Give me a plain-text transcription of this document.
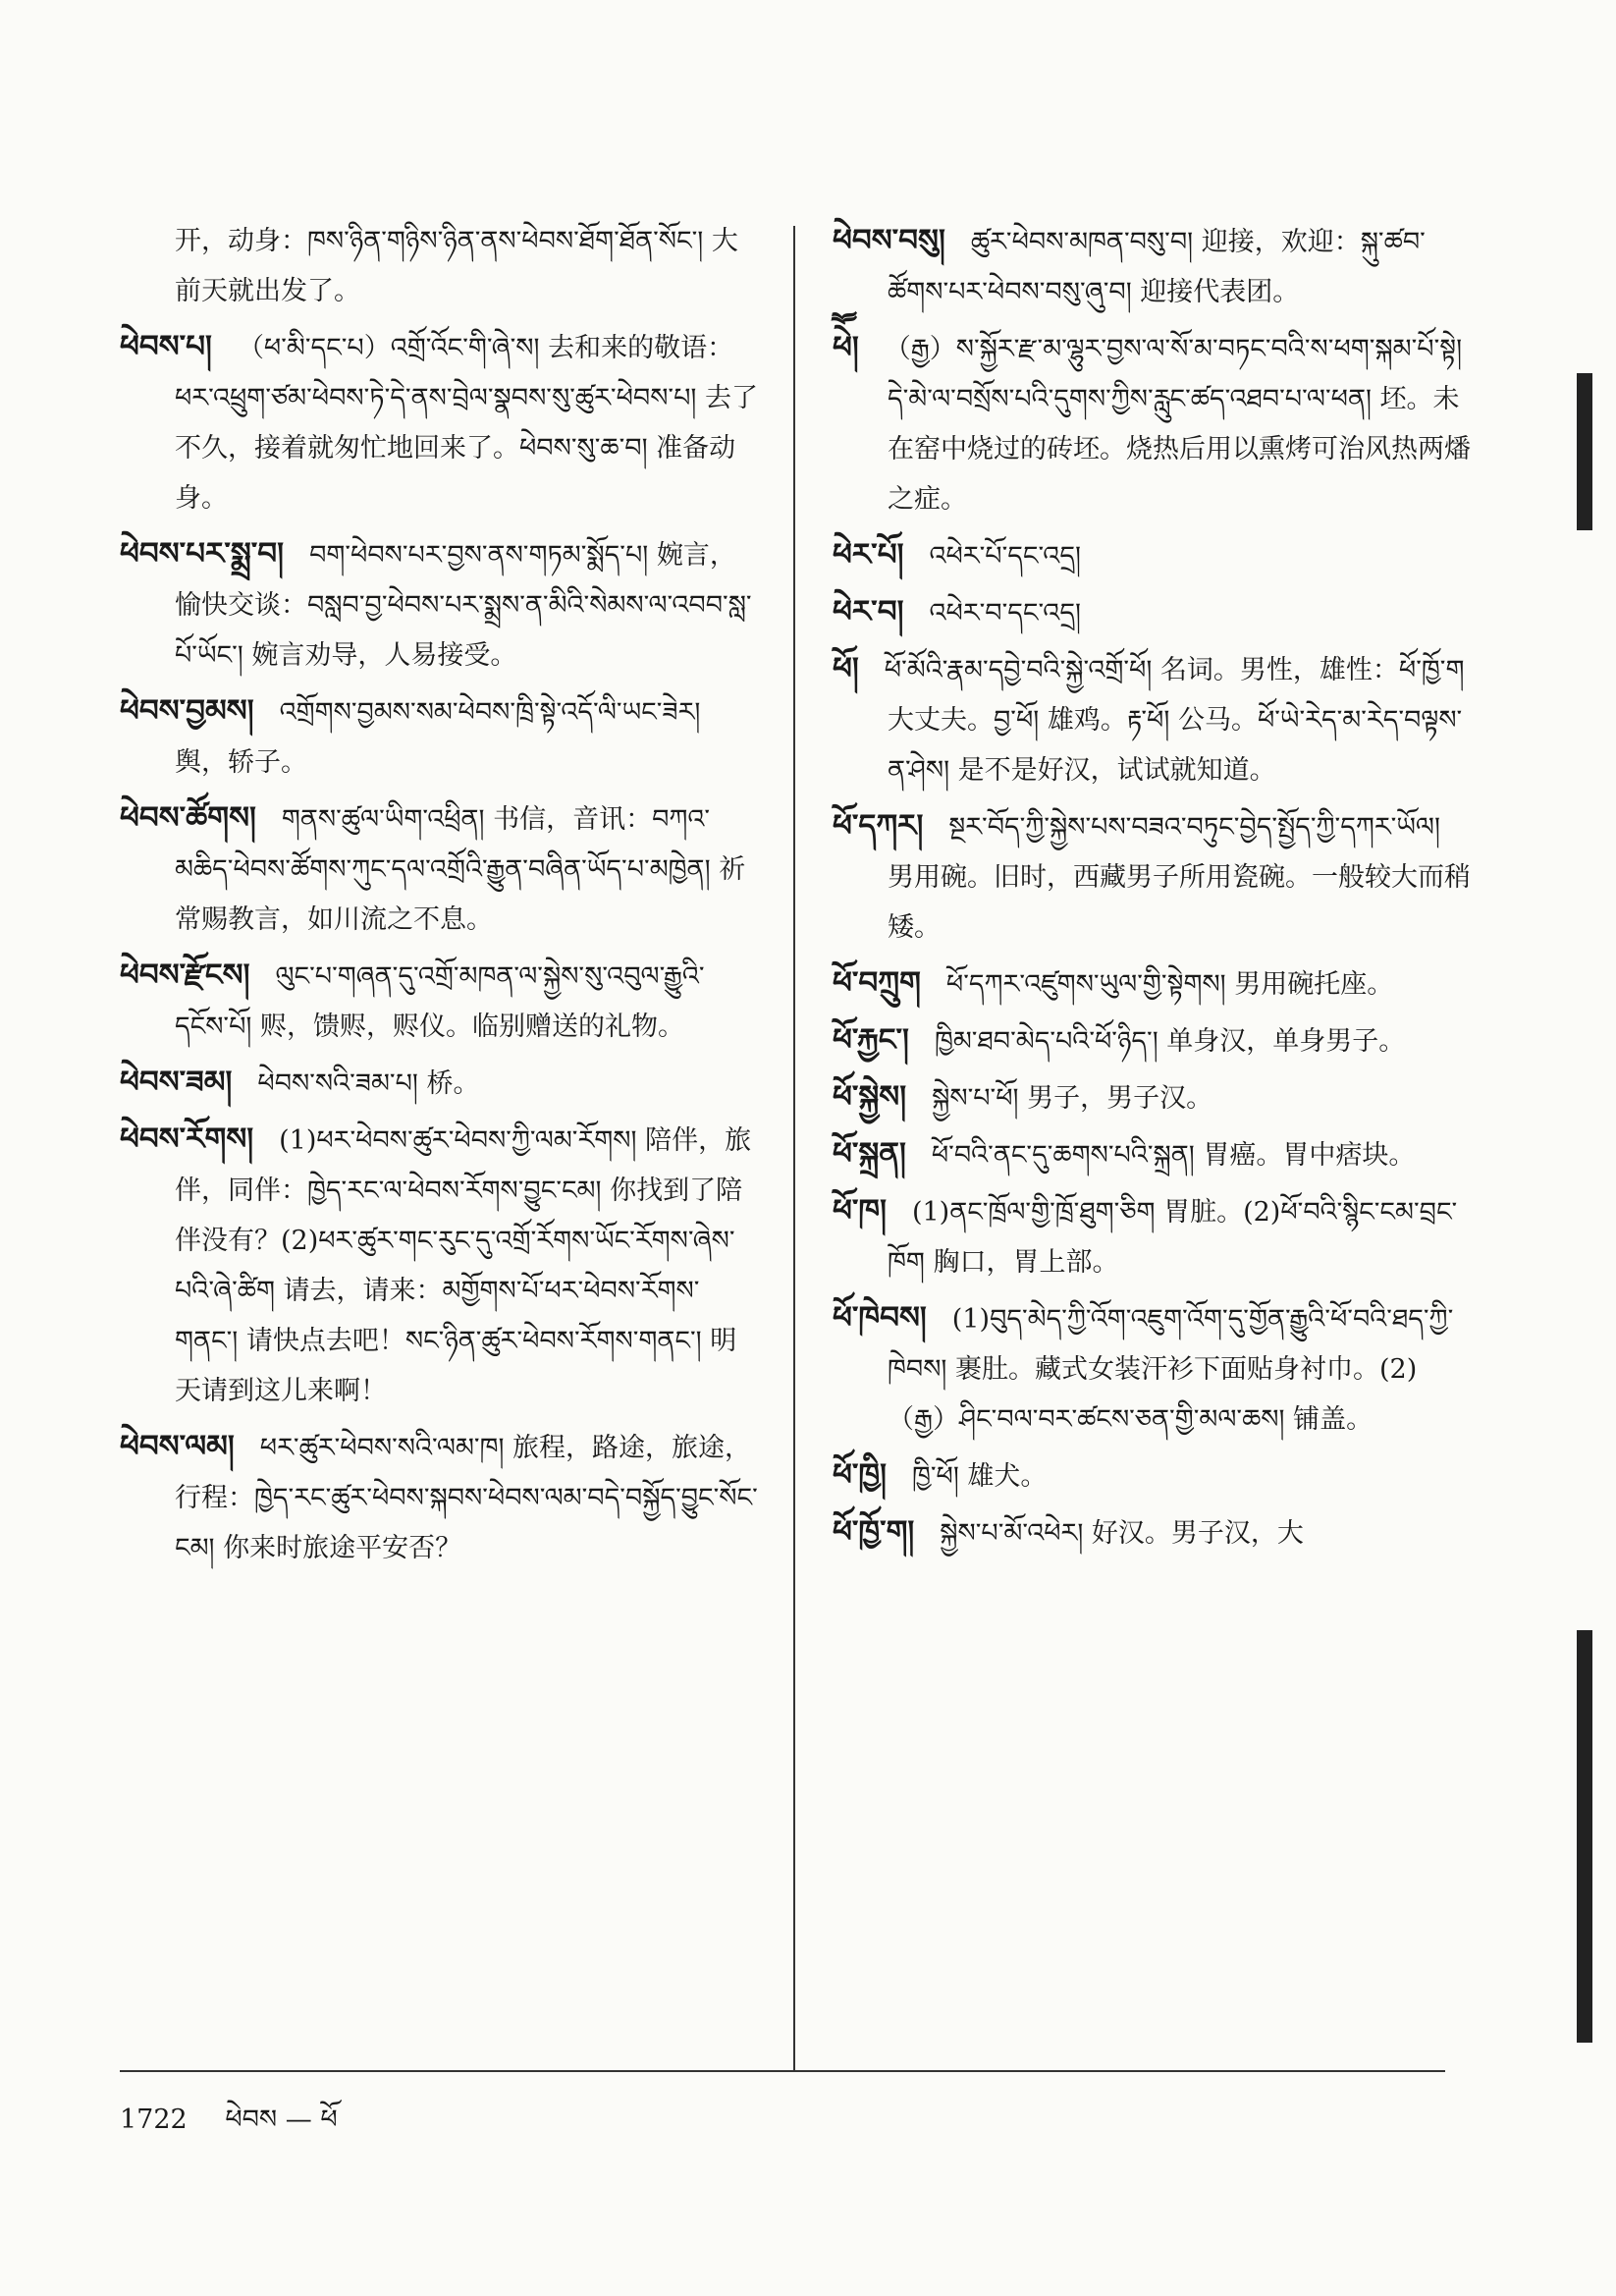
开，动身：ཁས་ཉིན་གཉིས་ཉིན་ནས་ཕེབས་ཐོག་ཐོན་སོང་། 大前天就出发了。
ཕེབས་པ། （ཕ་མི་དང་པ）འགྲོ་འོང་གི་ཞེ་ས། 去和来的敬语：ཕར་འཕྲུག་ཙམ་ཕེབས་ཏེ་དེ་ནས་བྲེལ་སྣབས་སུ་ཚུར་ཕེབས་པ། 去了不久，接着就匆忙地回来了。ཕེབས་སུ་ཆ་བ། 准备动身。
ཕེབས་པར་སྨྲ་བ། བག་ཕེབས་པར་བྱས་ནས་གཏམ་སྨོད་པ། 婉言，愉快交谈：བསླབ་བྱ་ཕེབས་པར་སྨྲས་ན་མིའི་སེམས་ལ་འབབ་སླ་པོ་ཡོང་། 婉言劝导，人易接受。
ཕེབས་བྱམས། འགྲོགས་བྱམས་སམ་ཕེབས་ཁྲི་སྟེ་འདོ་ལི་ཡང་ཟེར། 舆，轿子。
ཕེབས་ཚོགས། གནས་ཚུལ་ཡིག་འཕྲིན། 书信，音讯：བཀའ་མཆིད་ཕེབས་ཚོགས་ཀུང་དལ་འགྲོའི་རྒྱུན་བཞིན་ཡོད་པ་མཁྱེན། 祈常赐教言，如川流之不息。
ཕེབས་རྫོངས། ལུང་པ་གཞན་དུ་འགྲོ་མཁན་ལ་སྐྱེས་སུ་འབུལ་རྒྱུའི་དངོས་པོ། 赆，馈赆，赆仪。临别赠送的礼物。
ཕེབས་ཟམ། ཕེབས་སའི་ཟམ་པ། 桥。
ཕེབས་རོགས། (1)ཕར་ཕེབས་ཚུར་ཕེབས་ཀྱི་ལམ་རོགས། 陪伴，旅伴，同伴：ཁྱེད་རང་ལ་ཕེབས་རོགས་བྱུང་ངམ། 你找到了陪伴没有？(2)ཕར་ཚུར་གང་རུང་དུ་འགྲོ་རོགས་ཡོང་རོགས་ཞེས་པའི་ཞེ་ཚིག 请去，请来：མགྱོགས་པོ་ཕར་ཕེབས་རོགས་གནང་། 请快点去吧！སང་ཉིན་ཚུར་ཕེབས་རོགས་གནང་། 明天请到这儿来啊！
ཕེབས་ལམ། ཕར་ཚུར་ཕེབས་སའི་ལམ་ཁ། 旅程，路途，旅途，行程：ཁྱེད་རང་ཚུར་ཕེབས་སྐབས་ཕེབས་ལམ་བདེ་བསྐྱོད་བྱུང་སོང་ངམ། 你来时旅途平安否？
ཕེབས་བསུ། ཚུར་ཕེབས་མཁན་བསུ་བ། 迎接，欢迎：སྐུ་ཚབ་ཚོགས་པར་ཕེབས་བསུ་ཞུ་བ། 迎接代表团。
ཕེཽ། （རྒྱ）ས་སྐྱོར་རྫ་མ་ལྷུར་བྱས་ལ་སོ་མ་བཏང་བའི་ས་ཕག་སྐམ་པོ་སྟེ། དེ་མེ་ལ་བསྲོས་པའི་དུགས་ཀྱིས་རླུང་ཚད་འཐབ་པ་ལ་ཕན། 坯。未在窑中烧过的砖坯。烧热后用以熏烤可治风热两燔之症。
ཕེར་པོ། འཕེར་པོ་དང་འདྲ།
ཕེར་བ། འཕེར་བ་དང་འདྲ།
ཕོ། ཕོ་མོའི་རྣམ་དབྱེ་བའི་སྐྱེ་འགྲོ་ཕོ། 名词。男性，雄性：ཕོ་ཁྱོ་ག 大丈夫。བྱ་ཕོ། 雄鸡。རྟ་ཕོ། 公马。ཕོ་ཡེ་རེད་མ་རེད་བལྟས་ན་ཤེས། 是不是好汉，试试就知道。
ཕོ་དཀར། སྔར་བོད་ཀྱི་སྐྱེས་པས་བཟའ་བཏུང་བྱེད་སྤྱོད་ཀྱི་དཀར་ཡོལ། 男用碗。旧时，西藏男子所用瓷碗。一般较大而稍矮。
ཕོ་བཀྲུག ཕོ་དཀར་འཛུགས་ཡུལ་གྱི་སྟེགས། 男用碗托座。
ཕོ་རྐྱང་། ཁྱིམ་ཐབ་མེད་པའི་ཕོ་ཉིད་། 单身汉，单身男子。
ཕོ་སྐྱེས། སྐྱེས་པ་ཕོ། 男子，男子汉。
ཕོ་སྐྲན། ཕོ་བའི་ནང་དུ་ཆགས་པའི་སྐྲན། 胃癌。胃中痞块。
ཕོ་ཁ། (1)ནང་ཁྲོལ་གྱི་ཁྲོ་ཐུག་ཅིག 胃脏。(2)ཕོ་བའི་སྙིང་ངམ་བྲང་ཁོག 胸口，胃上部。
ཕོ་ཁེབས། (1)བུད་མེད་ཀྱི་འོག་འཇུག་འོག་དུ་གྱོན་རྒྱུའི་ཕོ་བའི་ཐད་ཀྱི་ཁེབས། 裹肚。藏式女装汗衫下面贴身衬巾。(2)（རྒྱ）ཤིང་བལ་བར་ཚངས་ཅན་གྱི་མལ་ཆས། 铺盖。
ཕོ་ཁྱི། ཁྱི་ཕོ། 雄犬。
ཕོ་ཁྱོ་ག། སྐྱེས་པ་མོ་འཕེར། 好汉。男子汉，大
1722 ཕེབས — ཕོ
